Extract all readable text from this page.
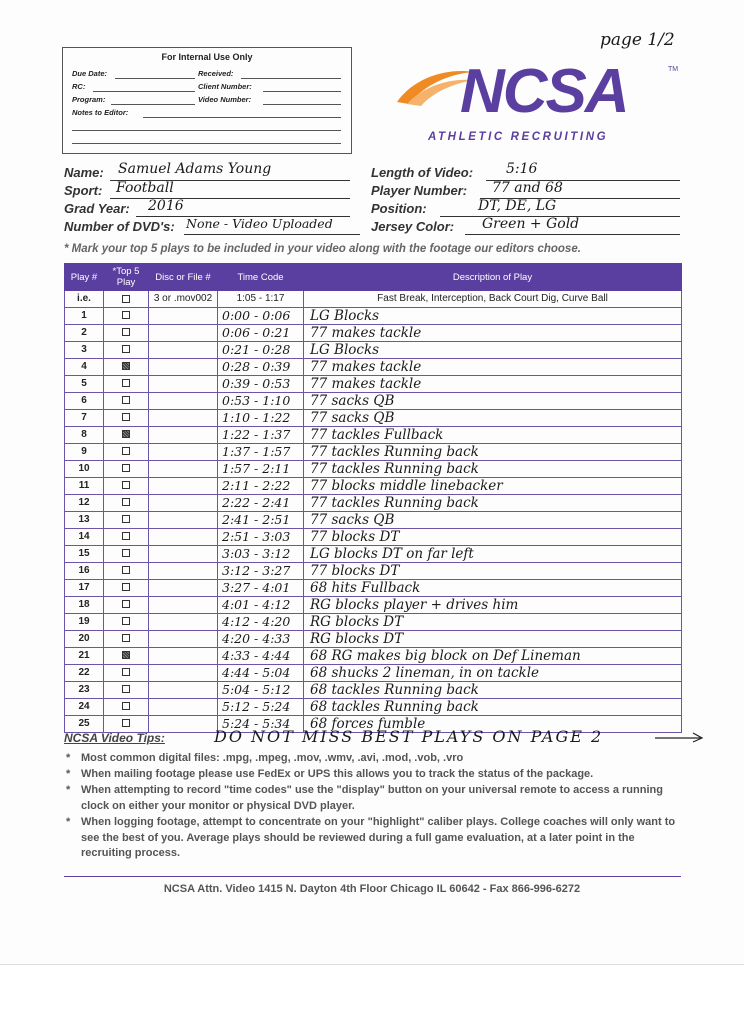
page 1/2
For Internal Use Only
Due Date:	Received:
RC:	Client Number:
Program:	Video Number:
Notes to Editor:	NCSA	TM
ATHLETIC RECRUITING
Name: Samuel Adams Young
Sport: Football
Grad Year: 2016
Number of DVD's: None - Video Uploaded
Length of Video: 5:16
Player Number: 77 and 68
Position:	DT, DE, LG
Jersey Color: Green + Gold
* Mark your top 5 plays to be included in your video along with the footage our editors choose.
Play #	*Top 5 Play	Disc or File #	Time Code	Description of Play
i.e.		3 or .mov002	1:05 - 1:17	Fast Break, Interception, Back Court Dig, Curve Ball
1			0:00 - 0:06	LG Blocks
2			0:06 - 0:21	77 makes tackle
3			0:21 - 0:28	LG Blocks
4			0:28 - 0:39	77 makes tackle
5			0:39 - 0:53	77 makes tackle
6			0:53 - 1:10	77 sacks QB
7			1:10 - 1:22	77 sacks QB
8			1:22 - 1:37	77 tackles Fullback
9			1:37 - 1:57	77 tackles Running back
10			1:57 - 2:11	77 tackles Running back
11			2:11 - 2:22	77 blocks middle linebacker
12			2:22 - 2:41	77 tackles Running back
13			2:41 - 2:51	77 sacks QB
14			2:51 - 3:03	77 blocks DT
15			3:03 - 3:12	LG blocks DT on far left
16			3:12 - 3:27	77 blocks DT
17			3:27 - 4:01	68 hits Fullback
18			4:01 - 4:12	RG blocks player + drives him
19			4:12 - 4:20	RG blocks DT
20			4:20 - 4:33	RG blocks DT
21			4:33 - 4:44	68 RG makes big block on Def Lineman
22			4:44 - 5:04	68 shucks 2 lineman, in on tackle
23			5:04 - 5:12	68 tackles Running back
24			5:12 - 5:24	68 tackles Running back
25			5:24 - 5:34	68 forces fumble
NCSA Video Tips:	DO NOT MISS BEST PLAYS ON PAGE 2
* Most common digital files: .mpg, .mpeg, .mov, .wmv, .avi, .mod, .vob, .vro
* When mailing footage please use FedEx or UPS this allows you to track the status of the package.
* When attempting to record "time codes" use the "display" button on your universal remote to access a running clock on either your monitor or physical DVD player.
* When logging footage, attempt to concentrate on your "highlight" caliber plays. College coaches will only want to see the best of you. Average plays should be reviewed during a full game evaluation, at a later point in the recruiting process.
NCSA Attn. Video 1415 N. Dayton 4th Floor Chicago IL 60642 - Fax 866-996-6272
